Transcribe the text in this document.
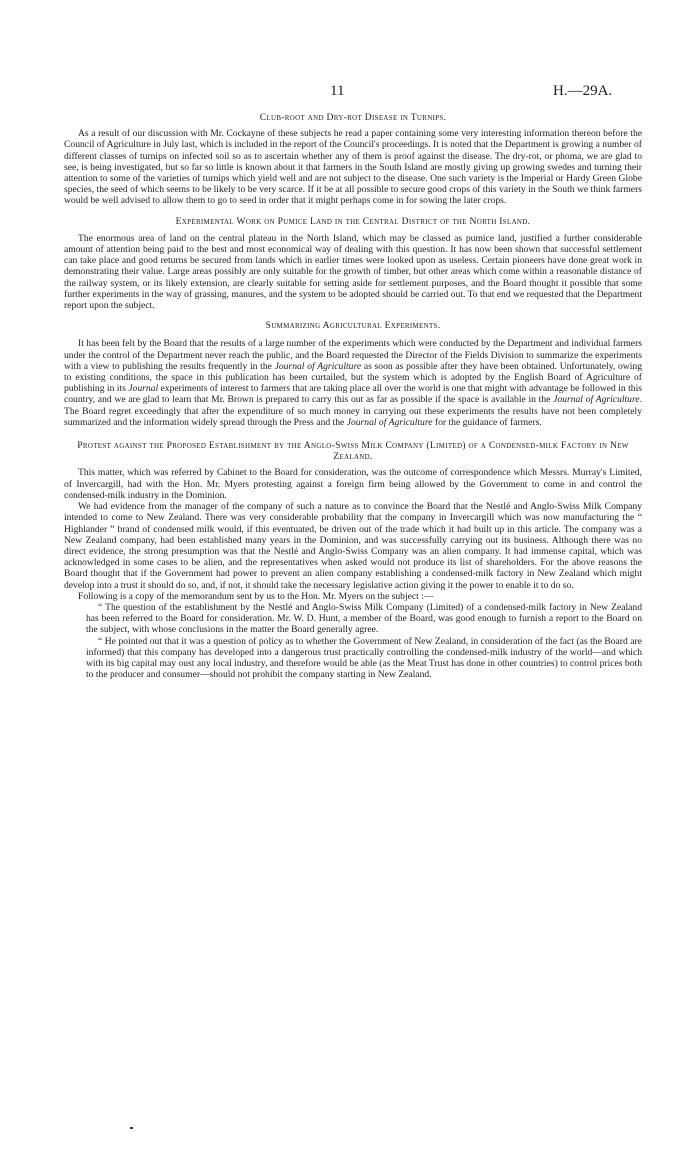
11	H.—29A.
Club-root and Dry-rot Disease in Turnips.

As a result of our discussion with Mr. Cockayne of these subjects he read a paper containing some very interesting information thereon before the Council of Agriculture in July last, which is included in the report of the Council's proceedings. It is noted that the Department is growing a number of different classes of turnips on infected soil so as to ascertain whether any of them is proof against the disease. The dry-rot, or phoma, we are glad to see, is being investigated, but so far so little is known about it that farmers in the South Island are mostly giving up growing swedes and turning their attention to some of the varieties of turnips which yield well and are not subject to the disease. One such variety is the Imperial or Hardy Green Globe species, the seed of which seems to be likely to be very scarce. If it be at all possible to secure good crops of this variety in the South we think farmers would be well advised to allow them to go to seed in order that it might perhaps come in for sowing the later crops.

Experimental Work on Pumice Land in the Central District of the North Island.

The enormous area of land on the central plateau in the North Island, which may be classed as pumice land, justified a further considerable amount of attention being paid to the best and most economical way of dealing with this question. It has now been shown that successful settlement can take place and good returns be secured from lands which in earlier times were looked upon as useless. Certain pioneers have done great work in demonstrating their value. Large areas possibly are only suitable for the growth of timber, but other areas which come within a reasonable distance of the railway system, or its likely extension, are clearly suitable for setting aside for settlement purposes, and the Board thought it possible that some further experiments in the way of grassing, manures, and the system to be adopted should be carried out. To that end we requested that the Department report upon the subject.

Summarizing Agricultural Experiments.

It has been felt by the Board that the results of a large number of the experiments which were conducted by the Department and individual farmers under the control of the Department never reach the public, and the Board requested the Director of the Fields Division to summarize the experiments with a view to publishing the results frequently in the Journal of Agriculture as soon as possible after they have been obtained. Unfortunately, owing to existing conditions, the space in this publication has been curtailed, but the system which is adopted by the English Board of Agriculture of publishing in its Journal experiments of interest to farmers that are taking place all over the world is one that might with advantage be followed in this country, and we are glad to learn that Mr. Brown is prepared to carry this out as far as possible if the space is available in the Journal of Agriculture. The Board regret exceedingly that after the expenditure of so much money in carrying out these experiments the results have not been completely summarized and the information widely spread through the Press and the Journal of Agriculture for the guidance of farmers.

Protest against the Proposed Establishment by the Anglo-Swiss Milk Company (Limited) of a Condensed-milk Factory in New Zealand.

This matter, which was referred by Cabinet to the Board for consideration, was the outcome of correspondence which Messrs. Murray's Limited, of Invercargill, had with the Hon. Mr. Myers protesting against a foreign firm being allowed by the Government to come in and control the condensed-milk industry in the Dominion.

We had evidence from the manager of the company of such a nature as to convince the Board that the Nestlé and Anglo-Swiss Milk Company intended to come to New Zealand. There was very considerable probability that the company in Invercargill which was now manufacturing the “ Highlander ” brand of condensed milk would, if this eventuated, be driven out of the trade which it had built up in this article. The company was a New Zealand company, had been established many years in the Dominion, and was successfully carrying out its business. Although there was no direct evidence, the strong presumption was that the Nestlé and Anglo-Swiss Company was an alien company. It had immense capital, which was acknowledged in some cases to be alien, and the representatives when asked would not produce its list of shareholders. For the above reasons the Board thought that if the Government had power to prevent an alien company establishing a condensed-milk factory in New Zealand which might develop into a trust it should do so, and, if not, it should take the necessary legislative action giving it the power to enable it to do so.

Following is a copy of the memorandum sent by us to the Hon. Mr. Myers on the subject :—

“ The question of the establishment by the Nestlé and Anglo-Swiss Milk Company (Limited) of a condensed-milk factory in New Zealand has been referred to the Board for consideration. Mr. W. D. Hunt, a member of the Board, was good enough to furnish a report to the Board on the subject, with whose conclusions in the matter the Board generally agree.

“ He pointed out that it was a question of policy as to whether the Government of New Zealand, in consideration of the fact (as the Board are informed) that this company has developed into a dangerous trust practically controlling the condensed-milk industry of the world—and which with its big capital may oust any local industry, and therefore would be able (as the Meat Trust has done in other countries) to control prices both to the producer and consumer—should not prohibit the company starting in New Zealand.
